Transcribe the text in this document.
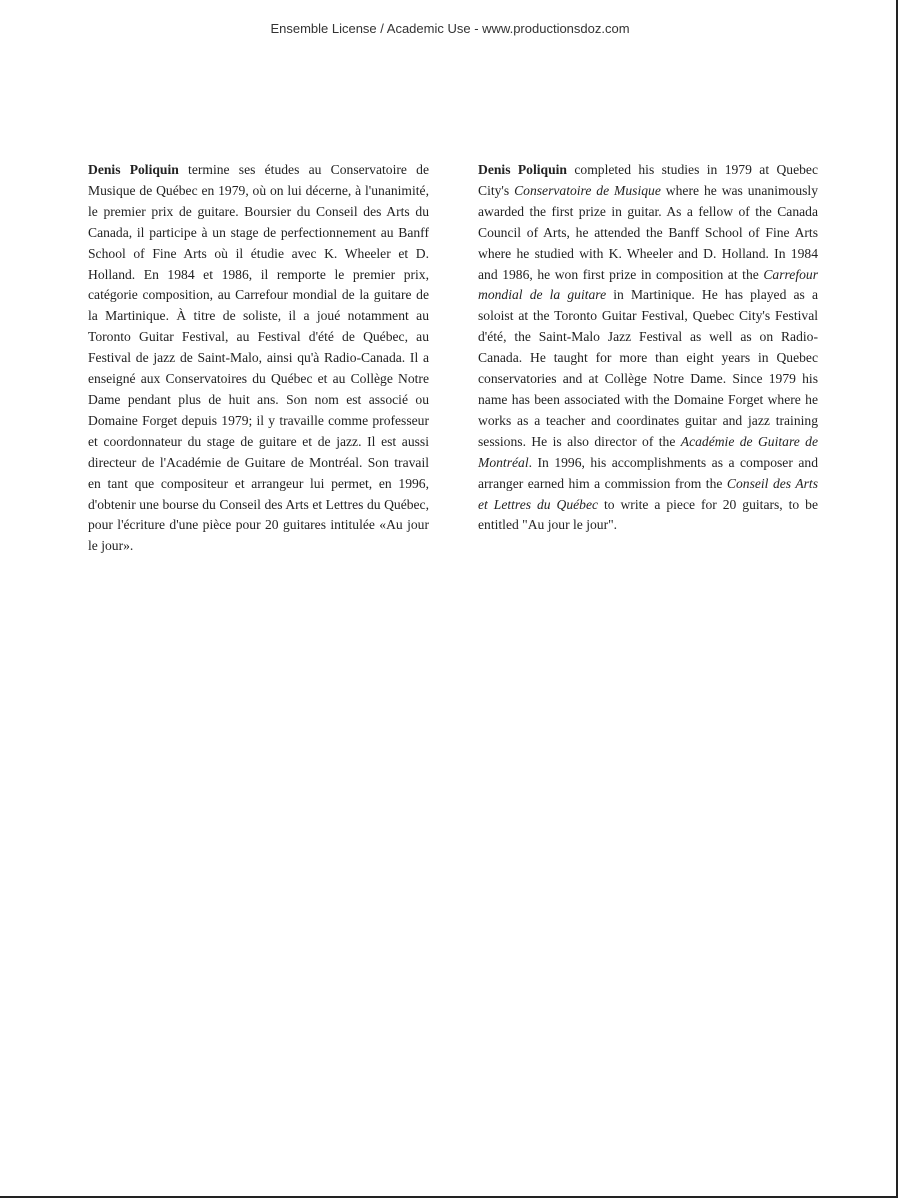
Ensemble License / Academic Use - www.productionsdoz.com
Denis Poliquin termine ses études au Conservatoire de Musique de Québec en 1979, où on lui décerne, à l'unanimité, le premier prix de guitare. Boursier du Conseil des Arts du Canada, il participe à un stage de perfectionnement au Banff School of Fine Arts où il étudie avec K. Wheeler et D. Holland. En 1984 et 1986, il remporte le premier prix, catégorie composition, au Carrefour mondial de la guitare de la Martinique. À titre de soliste, il a joué notamment au Toronto Guitar Festival, au Festival d'été de Québec, au Festival de jazz de Saint-Malo, ainsi qu'à Radio-Canada. Il a enseigné aux Conservatoires du Québec et au Collège Notre Dame pendant plus de huit ans. Son nom est associé ou Domaine Forget depuis 1979; il y travaille comme professeur et coordonnateur du stage de guitare et de jazz. Il est aussi directeur de l'Académie de Guitare de Montréal. Son travail en tant que compositeur et arrangeur lui permet, en 1996, d'obtenir une bourse du Conseil des Arts et Lettres du Québec, pour l'écriture d'une pièce pour 20 guitares intitulée «Au jour le jour».
Denis Poliquin completed his studies in 1979 at Quebec City's Conservatoire de Musique where he was unanimously awarded the first prize in guitar. As a fellow of the Canada Council of Arts, he attended the Banff School of Fine Arts where he studied with K. Wheeler and D. Holland. In 1984 and 1986, he won first prize in composition at the Carrefour mondial de la guitare in Martinique. He has played as a soloist at the Toronto Guitar Festival, Quebec City's Festival d'été, the Saint-Malo Jazz Festival as well as on Radio-Canada. He taught for more than eight years in Quebec conservatories and at Collège Notre Dame. Since 1979 his name has been associated with the Domaine Forget where he works as a teacher and coordinates guitar and jazz training sessions. He is also director of the Académie de Guitare de Montréal. In 1996, his accomplishments as a composer and arranger earned him a commission from the Conseil des Arts et Lettres du Québec to write a piece for 20 guitars, to be entitled "Au jour le jour".
